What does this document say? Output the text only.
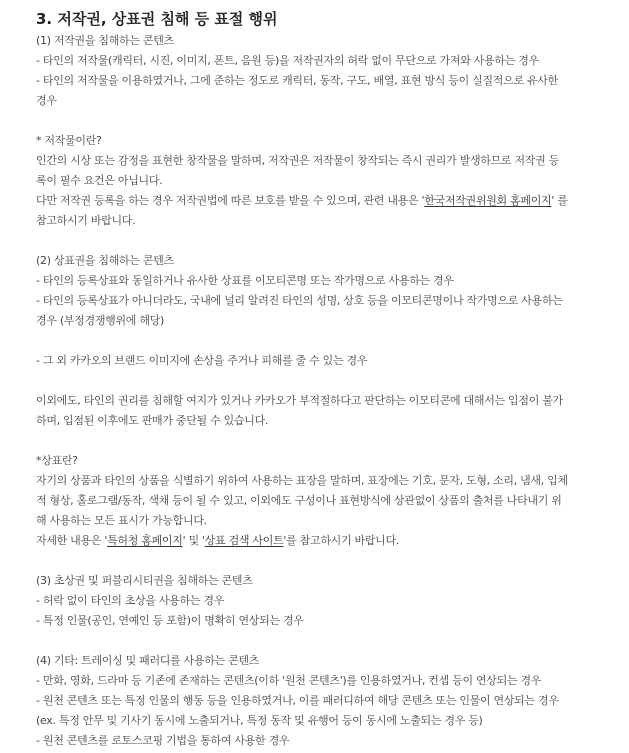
3. 저작권, 상표권 침해 등 표절 행위
(1) 저작권을 침해하는 콘텐츠
- 타인의 저작물(캐릭터, 시진, 이미지, 폰트, 음원 등)을 저작권자의 허락 없이 무단으로 가져와 사용하는 경우
- 타인의 저작물을 이용하였거나, 그에 준하는 정도로 캐릭터, 동작, 구도, 배열, 표현 방식 등이 실질적으로 유사한
경우
* 저작물이란?
인간의 시상 또는 감정을 표현한 창작물을 말하며, 저작권은 저작물이 창작되는 즉시 권리가 발생하므로 저작권 등
록이 필수 요건은 아닙니다.
다만 저작권 등록을 하는 경우 저작권법에 따른 보호를 받을 수 있으며, 관련 내용은 '한국저작권위원회 홈페이지' 를
참고하시기 바랍니다.
(2) 상표권을 침해하는 콘텐츠
- 타인의 등록상표와 동일하거나 유사한 상표를 이모티콘명 또는 작가명으로 사용하는 경우
- 타인의 등록상표가 아니더라도, 국내에 널리 알려진 타인의 성명, 상호 등을 이모티콘명이나 작가명으로 사용하는
경우 (부정경쟁행위에 해당)
- 그 외 카카오의 브랜드 이미지에 손상을 주거나 피해를 줄 수 있는 경우
이외에도, 타인의 권리를 침해할 여지가 있거나 카카오가 부적절하다고 판단하는 이모티콘에 대해서는 입점이 불가
하며, 입점된 이후에도 판매가 중단될 수 있습니다.
*상표란?
자기의 상품과 타인의 상품을 식별하기 위하여 사용하는 표장을 말하며, 표장에는 기호, 문자, 도형, 소리, 냄새, 입체
적 형상, 홀로그램/동작, 색채 등이 될 수 있고, 이외에도 구성이나 표현방식에 상관없이 상품의 출처를 나타내기 위
해 사용하는 모든 표시가 가능합니다.
자세한 내용은 '특허청 홈페이지' 및 '상표 검색 사이트'를 참고하시기 바랍니다.
(3) 초상권 및 퍼블리시티권을 침해하는 콘텐츠
- 허락 없이 타인의 초상을 사용하는 경우
- 특정 인물(공인, 연예인 등 포함)이 명확히 연상되는 경우
(4) 기타: 트레이싱 및 패러디를 사용하는 콘텐츠
- 만화, 영화, 드라마 등 기존에 존재하는 콘텐츠(이하 '원천 콘텐츠')를 인용하였거나, 컨셉 등이 연상되는 경우
- 원천 콘텐츠 또는 특정 인물의 행동 등을 인용하였거나, 이를 패러디하여 해당 콘텐츠 또는 인물이 연상되는 경우
(ex. 특정 안무 및 기사기 동시에 노출되거나, 특정 동작 및 유행어 등이 동시에 노출되는 경우 등)
- 원천 콘텐츠를 로토스코핑 기법을 통하여 사용한 경우
